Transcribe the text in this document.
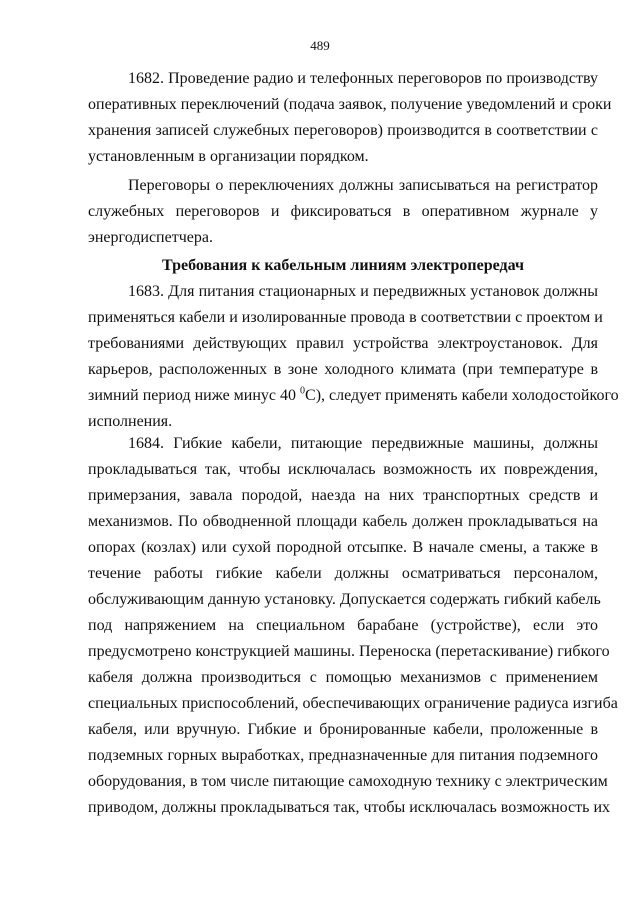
489
1682. Проведение радио и телефонных переговоров по производству
оперативных переключений (подача заявок, получение уведомлений и сроки
хранения записей служебных переговоров) производится в соответствии с
установленным в организации порядком.
Переговоры о переключениях должны записываться на регистратор
служебных переговоров и фиксироваться в оперативном журнале у
энергодиспетчера.
Требования к кабельным линиям электропередач
1683. Для питания стационарных и передвижных установок должны
применяться кабели и изолированные провода в соответствии с проектом и
требованиями действующих правил устройства электроустановок. Для
карьеров, расположенных в зоне холодного климата (при температуре в
зимний период ниже минус 40 $^0$С), следует применять кабели холодостойкого
исполнения.
1684. Гибкие кабели, питающие передвижные машины, должны
прокладываться так, чтобы исключалась возможность их повреждения,
примерзания, завала породой, наезда на них транспортных средств и
механизмов. По обводненной площади кабель должен прокладываться на
опорах (козлах) или сухой породной отсыпке. В начале смены, а также в
течение работы гибкие кабели должны осматриваться персоналом,
обслуживающим данную установку. Допускается содержать гибкий кабель
под напряжением на специальном барабане (устройстве), если это
предусмотрено конструкцией машины. Переноска (перетаскивание) гибкого
кабеля должна производиться с помощью механизмов с применением
специальных приспособлений, обеспечивающих ограничение радиуса изгиба
кабеля, или вручную. Гибкие и бронированные кабели, проложенные в
подземных горных выработках, предназначенные для питания подземного
оборудования, в том числе питающие самоходную технику с электрическим
приводом, должны прокладываться так, чтобы исключалась возможность их
